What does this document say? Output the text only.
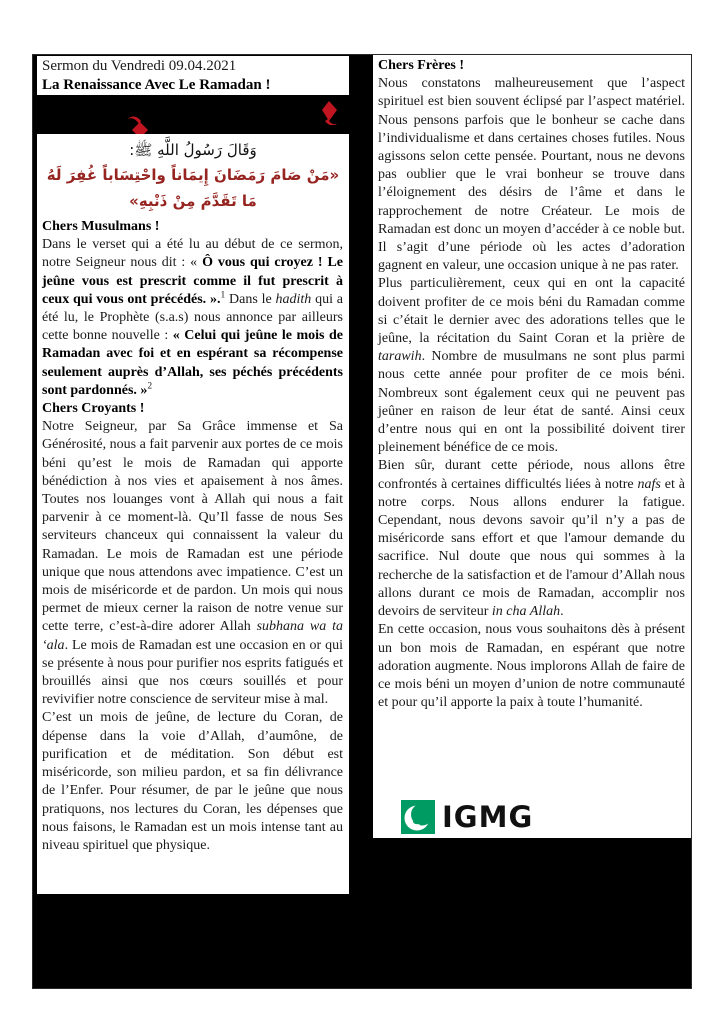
Sermon du Vendredi 09.04.2021
La Renaissance Avec Le Ramadan !
وَقَالَ رَسُولُ اللَّهِ ﷺ:
«مَنْ صَامَ رَمَضَانَ إِيمَاناً واحْتِسَاباً غُفِرَ لَهُ مَا تَقَدَّمَ مِنْ ذَنْبِهِ»

Chers Musulmans !

Dans le verset qui a été lu au début de ce sermon, notre Seigneur nous dit : « Ô vous qui croyez ! Le jeûne vous est prescrit comme il fut prescrit à ceux qui vous ont précédés. ».$^1$ Dans le hadith qui a été lu, le Prophète (s.a.s) nous annonce par ailleurs cette bonne nouvelle : « Celui qui jeûne le mois de Ramadan avec foi et en espérant sa récompense seulement auprès d’Allah, ses péchés précédents sont pardonnés. »$^2$

Chers Croyants !

Notre Seigneur, par Sa Grâce immense et Sa Générosité, nous a fait parvenir aux portes de ce mois béni qu’est le mois de Ramadan qui apporte bénédiction à nos vies et apaisement à nos âmes. Toutes nos louanges vont à Allah qui nous a fait parvenir à ce moment-là. Qu’Il fasse de nous Ses serviteurs chanceux qui connaissent la valeur du Ramadan. Le mois de Ramadan est une période unique que nous attendons avec impatience. C’est un mois de miséricorde et de pardon. Un mois qui nous permet de mieux cerner la raison de notre venue sur cette terre, c’est-à-dire adorer Allah subhana wa ta ‘ala. Le mois de Ramadan est une occasion en or qui se présente à nous pour purifier nos esprits fatigués et brouillés ainsi que nos cœurs souillés et pour revivifier notre conscience de serviteur mise à mal.

C’est un mois de jeûne, de lecture du Coran, de dépense dans la voie d’Allah, d’aumône, de purification et de méditation. Son début est miséricorde, son milieu pardon, et sa fin délivrance de l’Enfer. Pour résumer, de par le jeûne que nous pratiquons, nos lectures du Coran, les dépenses que nous faisons, le Ramadan est un mois intense tant au niveau spirituel que physique.

Chers Frères !

Nous constatons malheureusement que l’aspect spirituel est bien souvent éclipsé par l’aspect matériel. Nous pensons parfois que le bonheur se cache dans l’individualisme et dans certaines choses futiles. Nous agissons selon cette pensée. Pourtant, nous ne devons pas oublier que le vrai bonheur se trouve dans l’éloignement des désirs de l’âme et dans le rapprochement de notre Créateur. Le mois de Ramadan est donc un moyen d’accéder à ce noble but. Il s’agit d’une période où les actes d’adoration gagnent en valeur, une occasion unique à ne pas rater.

Plus particulièrement, ceux qui en ont la capacité doivent profiter de ce mois béni du Ramadan comme si c’était le dernier avec des adorations telles que le jeûne, la récitation du Saint Coran et la prière de tarawih. Nombre de musulmans ne sont plus parmi nous cette année pour profiter de ce mois béni. Nombreux sont également ceux qui ne peuvent pas jeûner en raison de leur état de santé. Ainsi ceux d’entre nous qui en ont la possibilité doivent tirer pleinement bénéfice de ce mois.

Bien sûr, durant cette période, nous allons être confrontés à certaines difficultés liées à notre nafs et à notre corps. Nous allons endurer la fatigue. Cependant, nous devons savoir qu’il n’y a pas de miséricorde sans effort et que l'amour demande du sacrifice. Nul doute que nous qui sommes à la recherche de la satisfaction et de l'amour d’Allah nous allons durant ce mois de Ramadan, accomplir nos devoirs de serviteur in cha Allah.

En cette occasion, nous vous souhaitons dès à présent un bon mois de Ramadan, en espérant que notre adoration augmente. Nous implorons Allah de faire de ce mois béni un moyen d’union de notre communauté et pour qu’il apporte la paix à toute l’humanité.

IGMG
